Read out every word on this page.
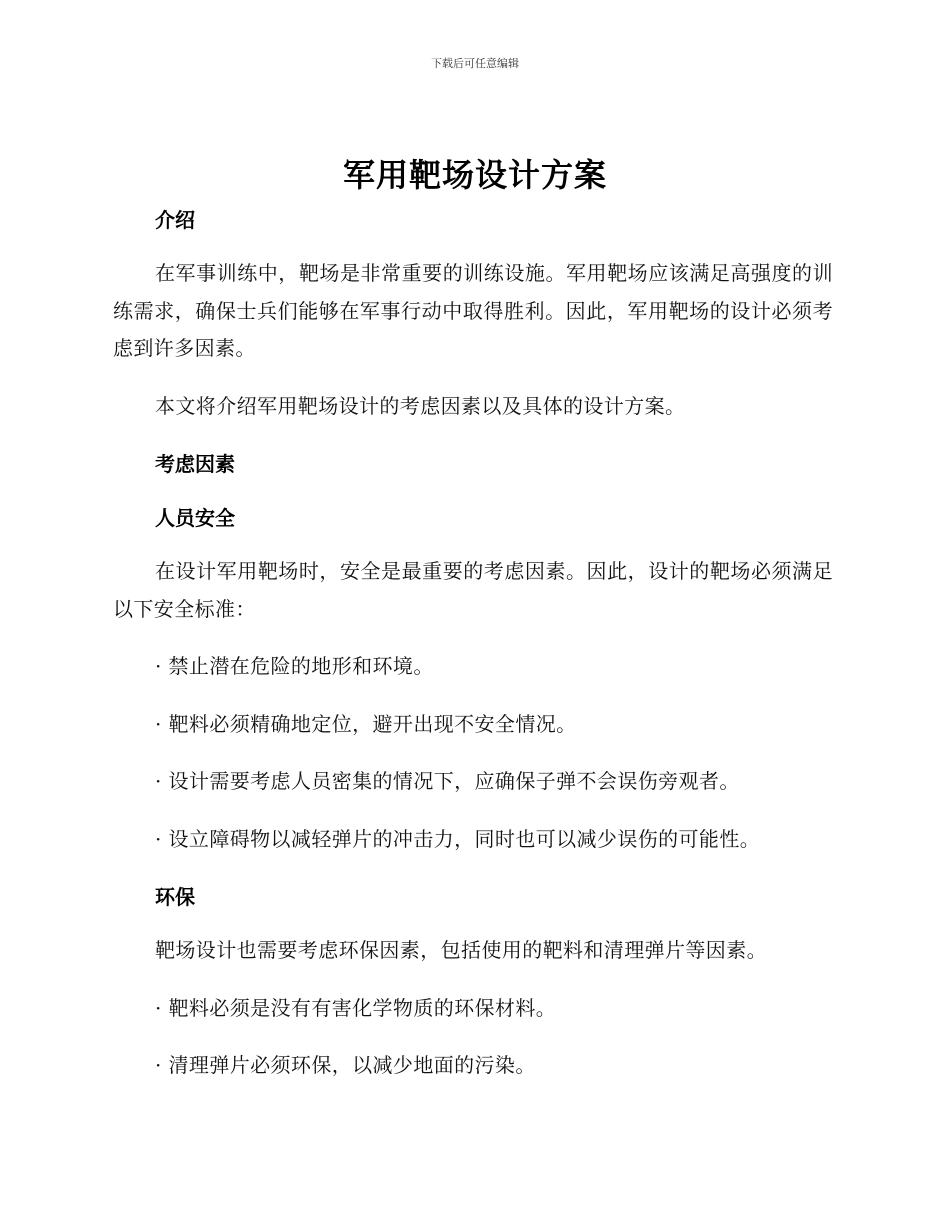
下载后可任意编辑
军用靶场设计方案
介绍
在军事训练中，靶场是非常重要的训练设施。军用靶场应该满足高强度的训练需求，确保士兵们能够在军事行动中取得胜利。因此，军用靶场的设计必须考虑到许多因素。
本文将介绍军用靶场设计的考虑因素以及具体的设计方案。
考虑因素
人员安全
在设计军用靶场时，安全是最重要的考虑因素。因此，设计的靶场必须满足以下安全标准：
· 禁止潜在危险的地形和环境。
· 靶料必须精确地定位，避开出现不安全情况。
· 设计需要考虑人员密集的情况下，应确保子弹不会误伤旁观者。
· 设立障碍物以减轻弹片的冲击力，同时也可以减少误伤的可能性。
环保
靶场设计也需要考虑环保因素，包括使用的靶料和清理弹片等因素。
· 靶料必须是没有有害化学物质的环保材料。
· 清理弹片必须环保，以减少地面的污染。
